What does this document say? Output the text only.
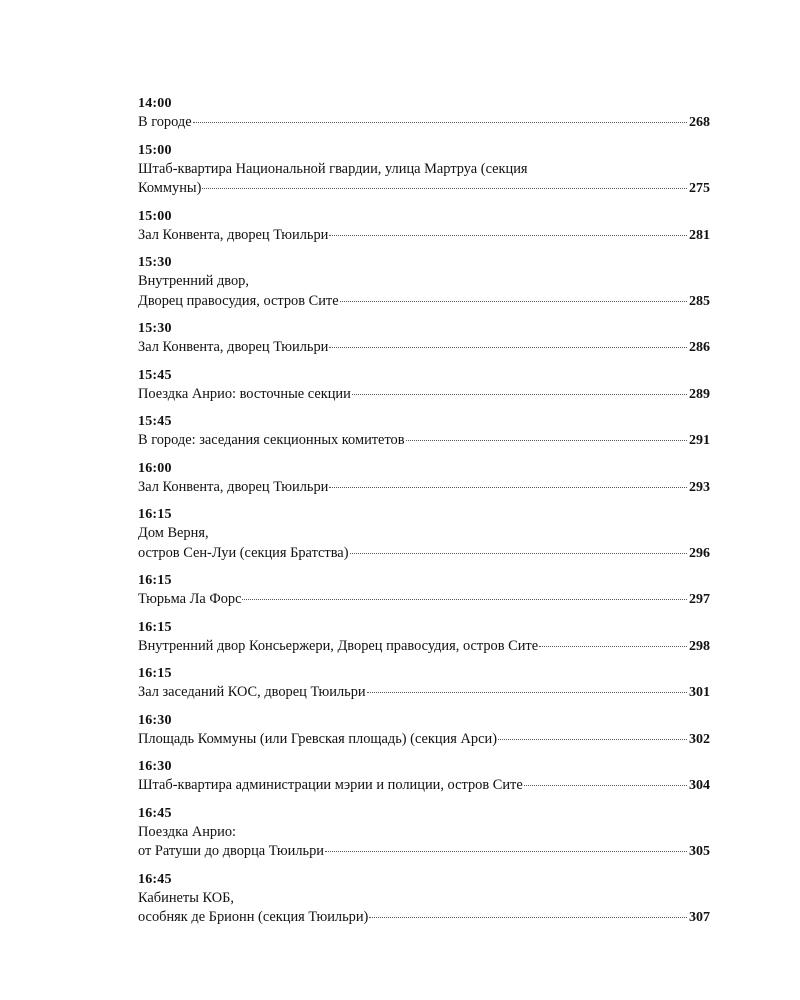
14:00
В городе	268
15:00
Штаб-квартира Национальной гвардии, улица Мартруа (секция
Коммуны)	275
15:00
Зал Конвента, дворец Тюильри	281
15:30
Внутренний двор,
Дворец правосудия, остров Сите	285
15:30
Зал Конвента, дворец Тюильри	286
15:45
Поездка Анрио: восточные секции	289
15:45
В городе: заседания секционных комитетов	291
16:00
Зал Конвента, дворец Тюильри	293
16:15
Дом Верня,
остров Сен-Луи (секция Братства)	296
16:15
Тюрьма Ла Форс	297
16:15
Внутренний двор Консьержери, Дворец правосудия, остров Сите	298
16:15
Зал заседаний КОС, дворец Тюильри	301
16:30
Площадь Коммуны (или Гревская площадь) (секция Арси)	302
16:30
Штаб-квартира администрации мэрии и полиции, остров Сите	304
16:45
Поездка Анрио:
от Ратуши до дворца Тюильри	305
16:45
Кабинеты КОБ,
особняк де Брионн (секция Тюильри)	307
